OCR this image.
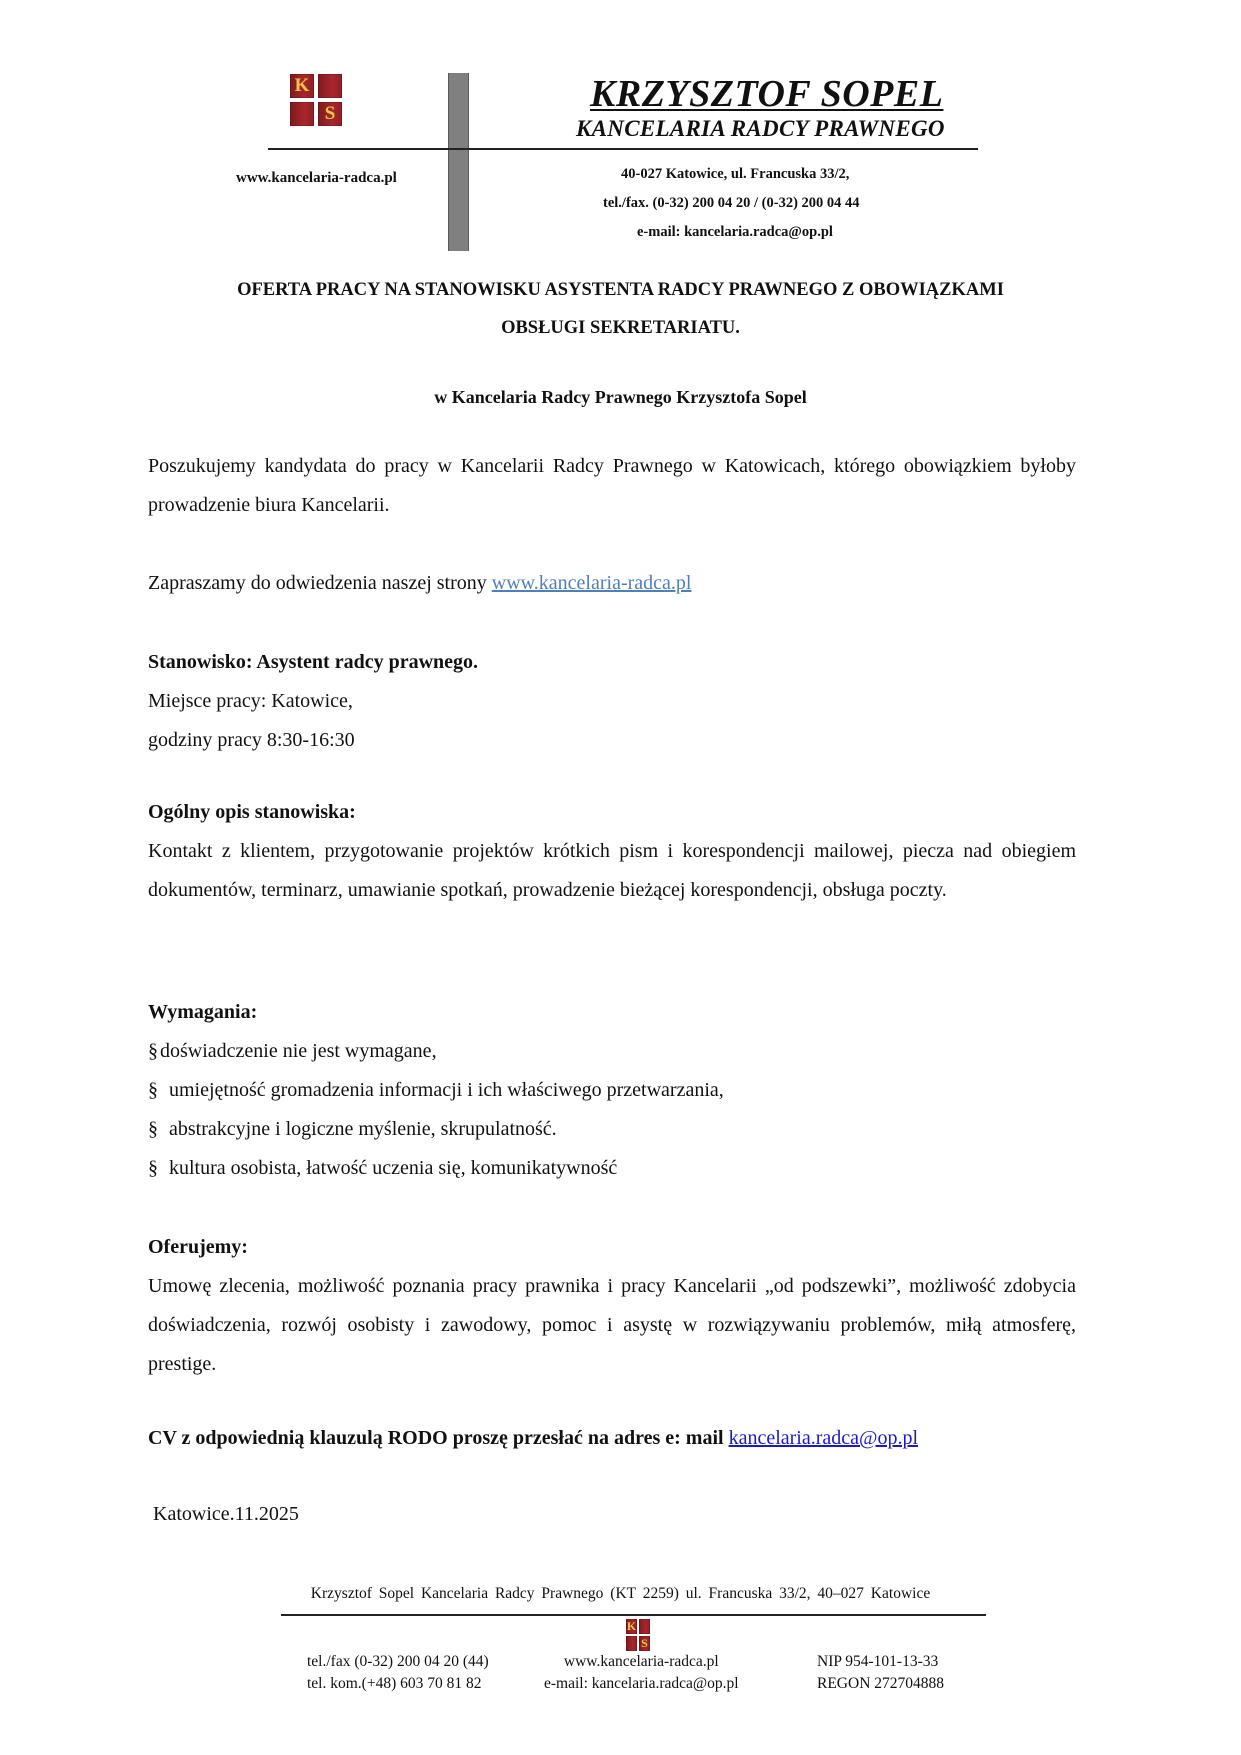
K
S	KRZYSZTOF SOPEL
KANCELARIA RADCY PRAWNEGO
www.kancelaria-radca.pl	40-027 Katowice, ul. Francuska 33/2,
tel./fax. (0-32) 200 04 20 / (0-32) 200 04 44
e-mail: kancelaria.radca@op.pl
OFERTA PRACY NA STANOWISKU ASYSTENTA RADCY PRAWNEGO Z OBOWIĄZKAMI
OBSŁUGI SEKRETARIATU.
w Kancelaria Radcy Prawnego Krzysztofa Sopel
Poszukujemy kandydata do pracy w Kancelarii Radcy Prawnego w Katowicach, którego obowiązkiem byłoby prowadzenie biura Kancelarii.
Zapraszamy do odwiedzenia naszej strony www.kancelaria-radca.pl
Stanowisko: Asystent radcy prawnego.
Miejsce pracy: Katowice,
godziny pracy 8:30-16:30
Ogólny opis stanowiska:
Kontakt z klientem, przygotowanie projektów krótkich pism i korespondencji mailowej, piecza nad obiegiem dokumentów, terminarz, umawianie spotkań, prowadzenie bieżącej korespondencji, obsługa poczty.
Wymagania:
§ doświadczenie nie jest wymagane,
§ umiejętność gromadzenia informacji i ich właściwego przetwarzania,
§ abstrakcyjne i logiczne myślenie, skrupulatność.
§ kultura osobista, łatwość uczenia się, komunikatywność
Oferujemy:
Umowę zlecenia, możliwość poznania pracy prawnika i pracy Kancelarii „od podszewki”, możliwość zdobycia doświadczenia, rozwój osobisty i zawodowy, pomoc i asystę w rozwiązywaniu problemów, miłą atmosferę, prestige.
CV z odpowiednią klauzulą RODO proszę przesłać na adres e: mail kancelaria.radca@op.pl
Katowice.11.2025
Krzysztof Sopel Kancelaria Radcy Prawnego (KT 2259) ul. Francuska 33/2, 40–027 Katowice
K
S
tel./fax (0-32) 200 04 20 (44)
tel. kom.(+48) 603 70 81 82
www.kancelaria-radca.pl
e-mail: kancelaria.radca@op.pl
NIP 954-101-13-33
REGON 272704888
